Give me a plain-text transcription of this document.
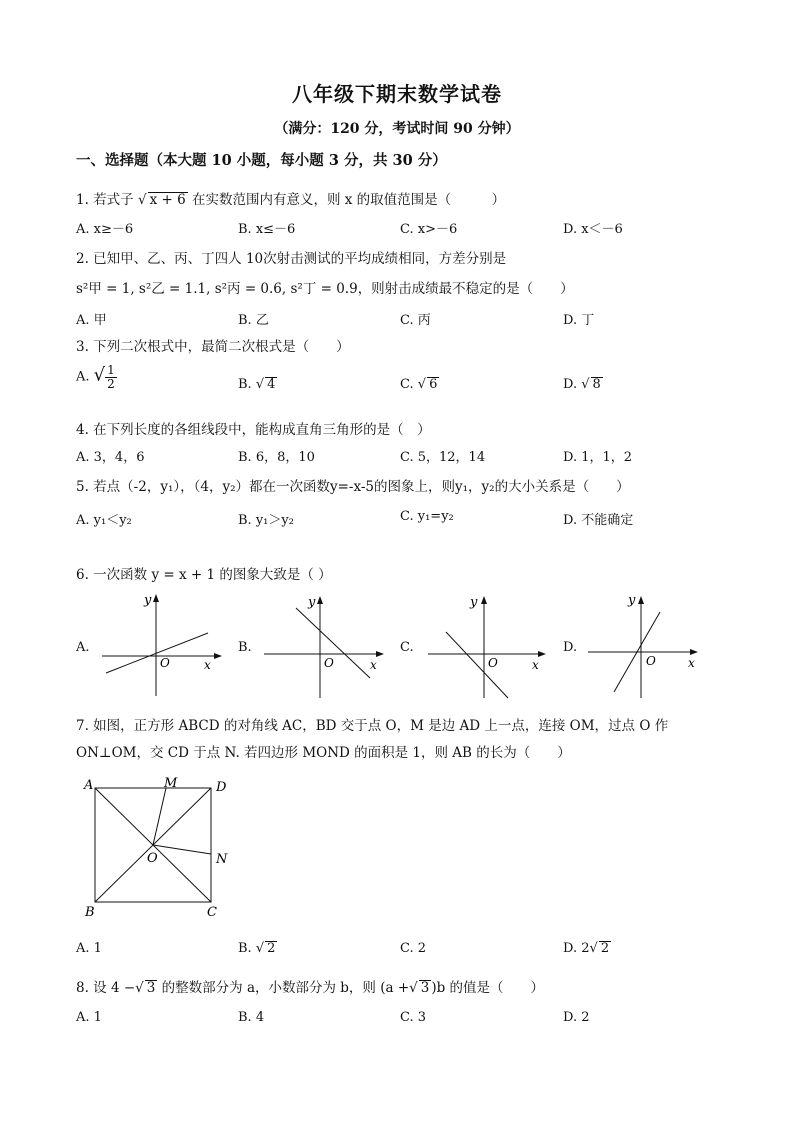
八年级下期末数学试卷
（满分：120 分，考试时间 90 分钟）
一、选择题（本大题 10 小题，每小题 3 分，共 30 分）
1. 若式子 √ x + 6 在实数范围内有意义，则 x 的取值范围是（　　　）
A. x≥－6	B. x≤－6	C. x>－6	D. x＜－6
2. 已知甲、乙、丙、丁四人 10次射击测试的平均成绩相同，方差分别是
s²甲 = 1, s²乙 = 1.1, s²丙 = 0.6, s²丁 = 0.9，则射击成绩最不稳定的是（　　）
A. 甲	B. 乙	C. 丙	D. 丁
3. 下列二次根式中，最简二次根式是（　　）
A. √ $\frac{1}{2}$	B. √ 4	C. √ 6	D. √ 8
4. 在下列长度的各组线段中，能构成直角三角形的是（　）
A. 3，4，6	B. 6，8，10	C. 5，12，14	D. 1，1，2
5. 若点（-2，y₁），（4，y₂）都在一次函数y=-x-5的图象上，则y₁，y₂的大小关系是（　　）
A. y₁＜y₂	B. y₁＞y₂	C. y₁=y₂	D. 不能确定
6. 一次函数 y = x + 1 的图象大致是（ ）
A.
y
O	x
B.
y
O	x
C.
y
O	x
D.
y
O	x
7. 如图，正方形 ABCD 的对角线 AC，BD 交于点 O，M 是边 AD 上一点，连接 OM，过点 O 作
ON⊥OM，交 CD 于点 N. 若四边形 MOND 的面积是 1，则 AB 的长为（　　）
A	M	D
O	N
B	C
A. 1	B. √ 2	C. 2	D. 2√ 2
8. 设 4 −√ 3 的整数部分为 a，小数部分为 b，则 (a +√ 3 )b 的值是（　　）
A. 1	B. 4	C. 3	D. 2
